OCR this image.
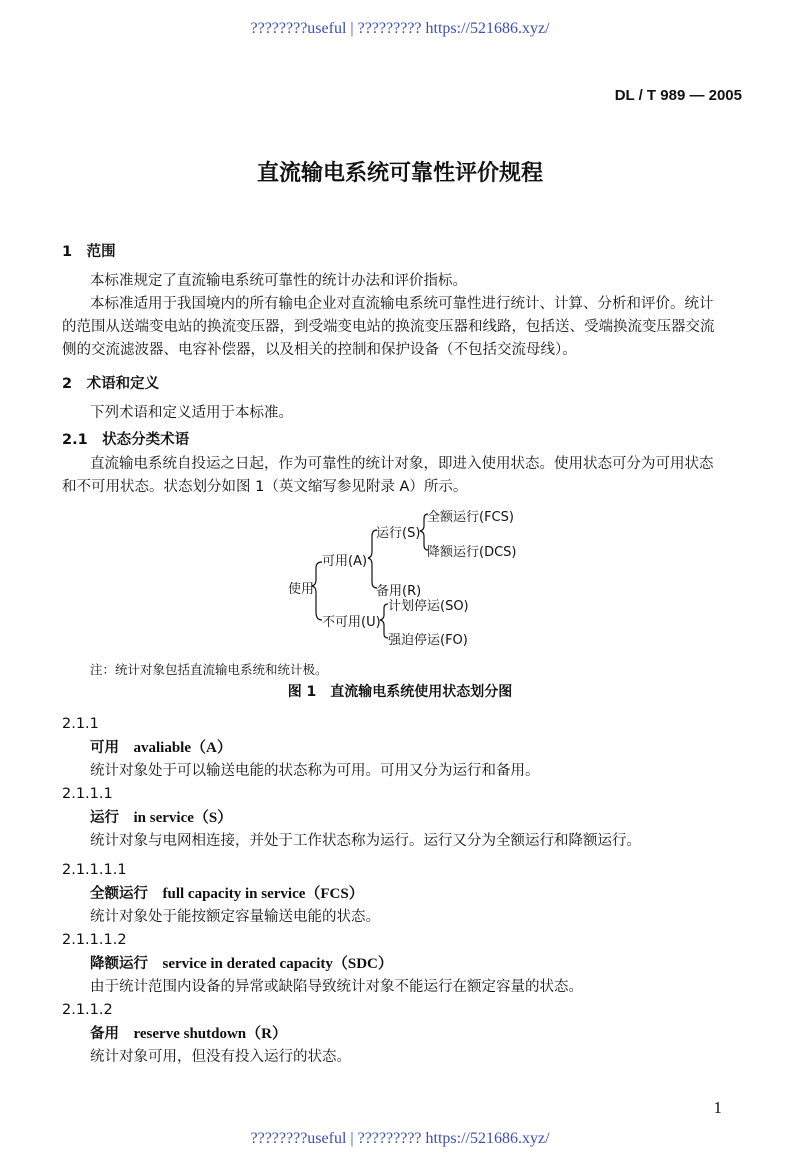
????????useful | ????????? https://521686.xyz/
DL / T 989 — 2005
直流输电系统可靠性评价规程
1　范围
本标准规定了直流输电系统可靠性的统计办法和评价指标。
本标准适用于我国境内的所有输电企业对直流输电系统可靠性进行统计、计算、分析和评价。统计
的范围从送端变电站的换流变压器，到受端变电站的换流变压器和线路，包括送、受端换流变压器交流
侧的交流滤波器、电容补偿器，以及相关的控制和保护设备（不包括交流母线）。
2　术语和定义
下列术语和定义适用于本标准。
2.1　状态分类术语
直流输电系统自投运之日起，作为可靠性的统计对象，即进入使用状态。使用状态可分为可用状态
和不可用状态。状态划分如图 1（英文缩写参见附录 A）所示。
使用
可用(A)
不可用(U)
运行(S)
备用(R)
全额运行(FCS)
降额运行(DCS)
计划停运(SO)
强迫停运(FO)
注：统计对象包括直流输电系统和统计极。
图 1　直流输电系统使用状态划分图
2.1.1
可用　 avaliable（A）
统计对象处于可以输送电能的状态称为可用。可用又分为运行和备用。
2.1.1.1
运行　 in service（S）
统计对象与电网相连接，并处于工作状态称为运行。运行又分为全额运行和降额运行。
2.1.1.1.1
全额运行　 full capacity in service（FCS）
统计对象处于能按额定容量输送电能的状态。
2.1.1.1.2
降额运行　 service in derated capacity（SDC）
由于统计范围内设备的异常或缺陷导致统计对象不能运行在额定容量的状态。
2.1.1.2
备用　 reserve shutdown（R）
统计对象可用，但没有投入运行的状态。
1
????????useful | ????????? https://521686.xyz/
